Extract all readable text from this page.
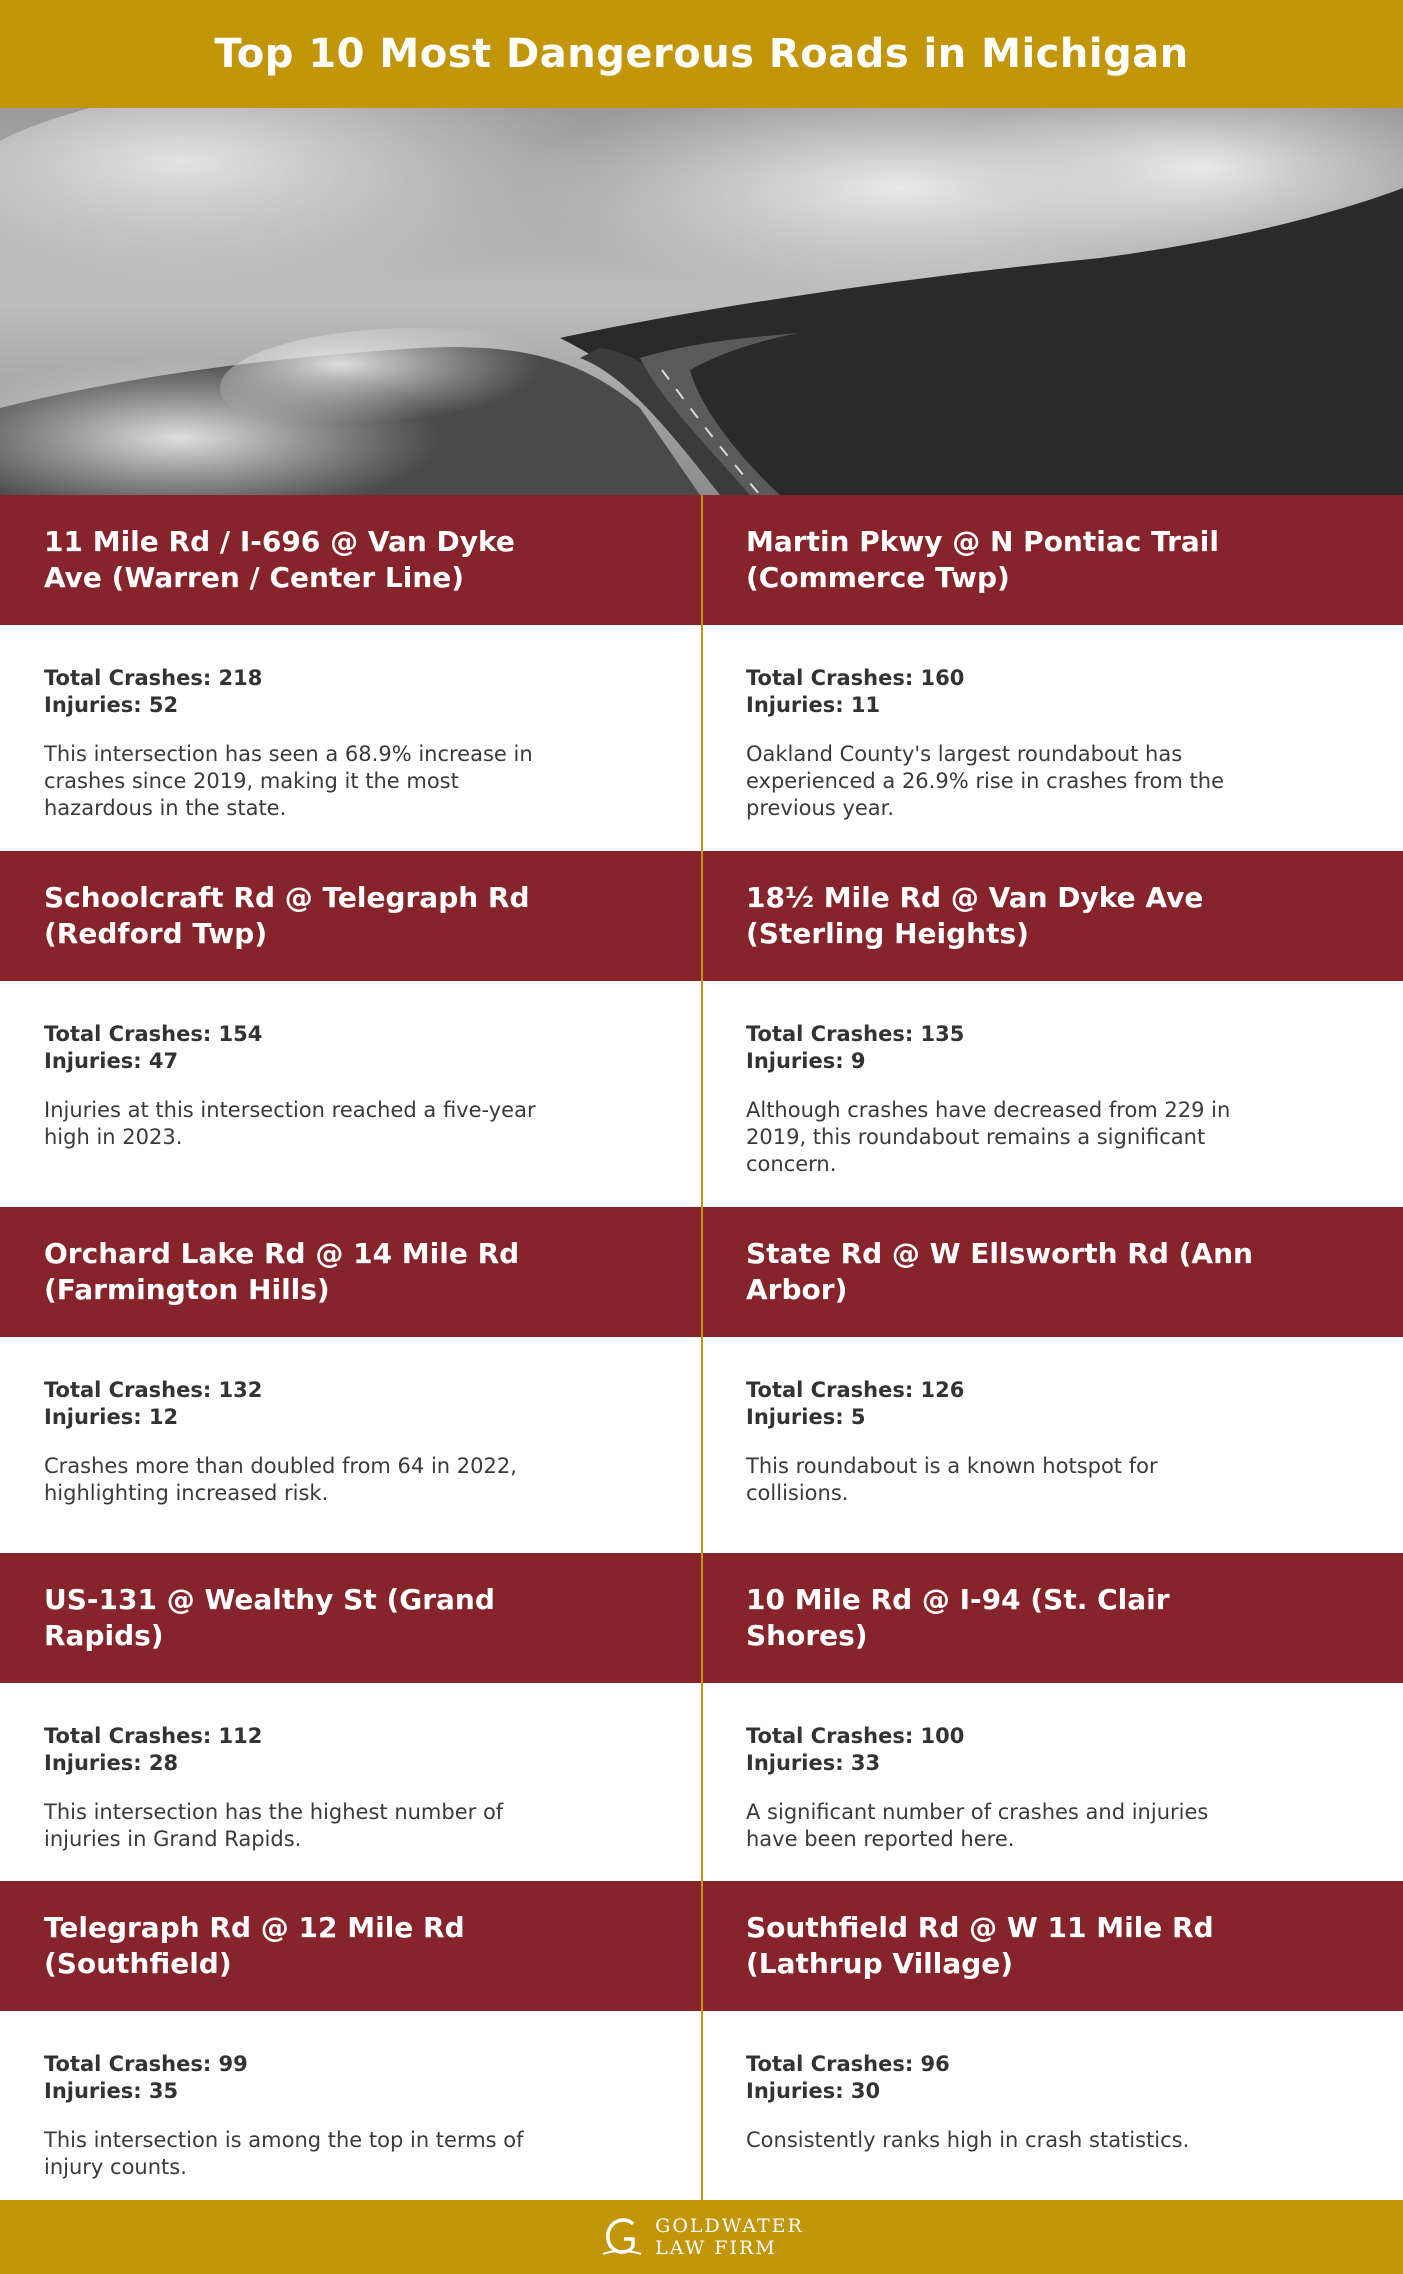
Top 10 Most Dangerous Roads in Michigan
11 Mile Rd / I-696 @ Van Dyke Ave (Warren / Center Line)
Total Crashes: 218
Injuries: 52
This intersection has seen a 68.9% increase in crashes since 2019, making it the most hazardous in the state.
Martin Pkwy @ N Pontiac Trail (Commerce Twp)
Total Crashes: 160
Injuries: 11
Oakland County's largest roundabout has experienced a 26.9% rise in crashes from the previous year.
Schoolcraft Rd @ Telegraph Rd (Redford Twp)
Total Crashes: 154
Injuries: 47
Injuries at this intersection reached a five-year high in 2023.
18½ Mile Rd @ Van Dyke Ave (Sterling Heights)
Total Crashes: 135
Injuries: 9
Although crashes have decreased from 229 in 2019, this roundabout remains a significant concern.
Orchard Lake Rd @ 14 Mile Rd (Farmington Hills)
Total Crashes: 132
Injuries: 12
Crashes more than doubled from 64 in 2022, highlighting increased risk.
State Rd @ W Ellsworth Rd (Ann Arbor)
Total Crashes: 126
Injuries: 5
This roundabout is a known hotspot for collisions.
US-131 @ Wealthy St (Grand Rapids)
Total Crashes: 112
Injuries: 28
This intersection has the highest number of injuries in Grand Rapids.
10 Mile Rd @ I-94 (St. Clair Shores)
Total Crashes: 100
Injuries: 33
A significant number of crashes and injuries have been reported here.
Telegraph Rd @ 12 Mile Rd (Southfield)
Total Crashes: 99
Injuries: 35
This intersection is among the top in terms of injury counts.
Southfield Rd @ W 11 Mile Rd (Lathrup Village)
Total Crashes: 96
Injuries: 30
Consistently ranks high in crash statistics.
GOLDWATER
LAW FIRM
